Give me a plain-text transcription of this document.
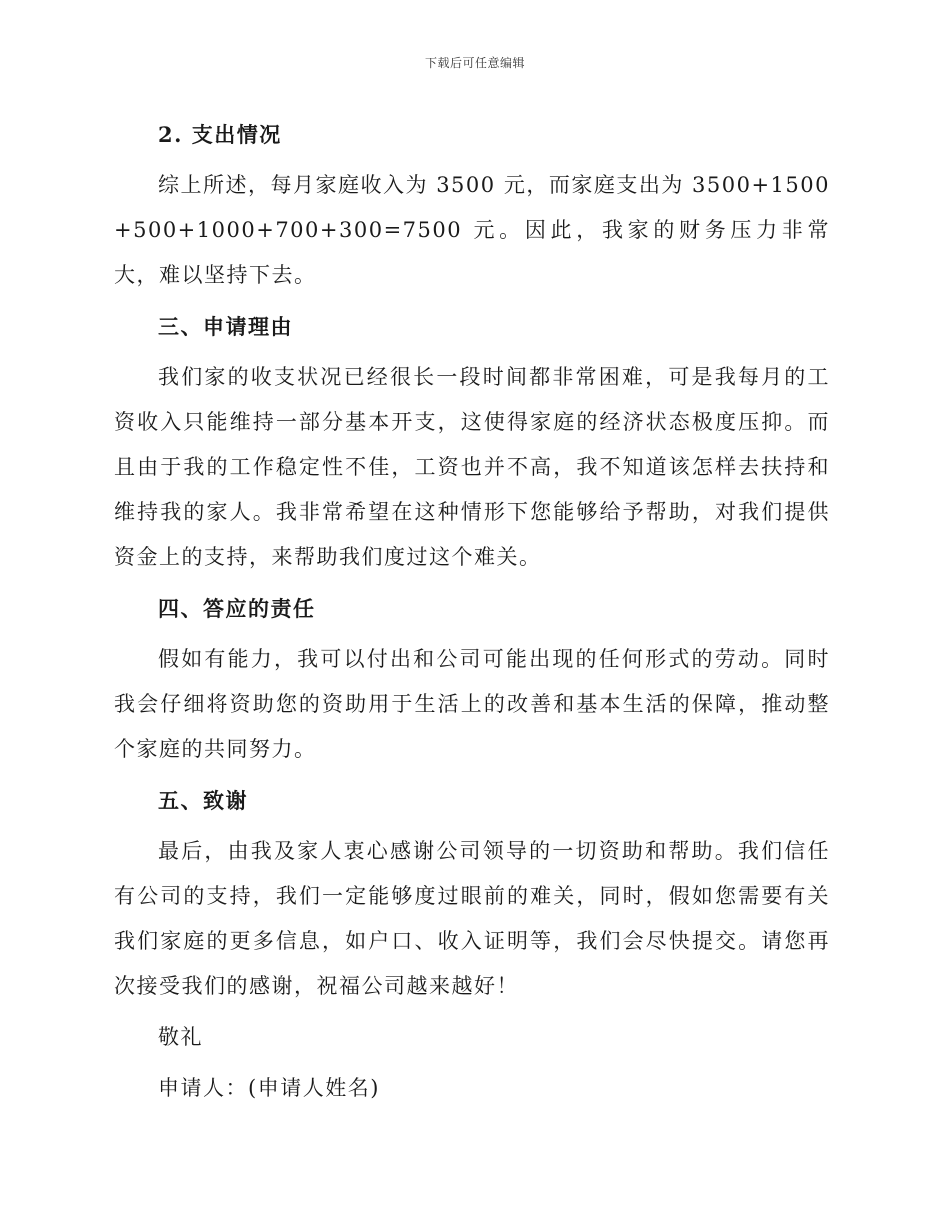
下载后可任意编辑
2. 支出情况
综上所述，每月家庭收入为 3500 元，而家庭支出为 3500+1500+500+1000+700+300=7500 元。因此，我家的财务压力非常大，难以坚持下去。
三、申请理由
我们家的收支状况已经很长一段时间都非常困难，可是我每月的工资收入只能维持一部分基本开支，这使得家庭的经济状态极度压抑。而且由于我的工作稳定性不佳，工资也并不高，我不知道该怎样去扶持和维持我的家人。我非常希望在这种情形下您能够给予帮助，对我们提供资金上的支持，来帮助我们度过这个难关。
四、答应的责任
假如有能力，我可以付出和公司可能出现的任何形式的劳动。同时我会仔细将资助您的资助用于生活上的改善和基本生活的保障，推动整个家庭的共同努力。
五、致谢
最后，由我及家人衷心感谢公司领导的一切资助和帮助。我们信任有公司的支持，我们一定能够度过眼前的难关，同时，假如您需要有关我们家庭的更多信息，如户口、收入证明等，我们会尽快提交。请您再次接受我们的感谢，祝福公司越来越好！
敬礼
申请人：(申请人姓名)
